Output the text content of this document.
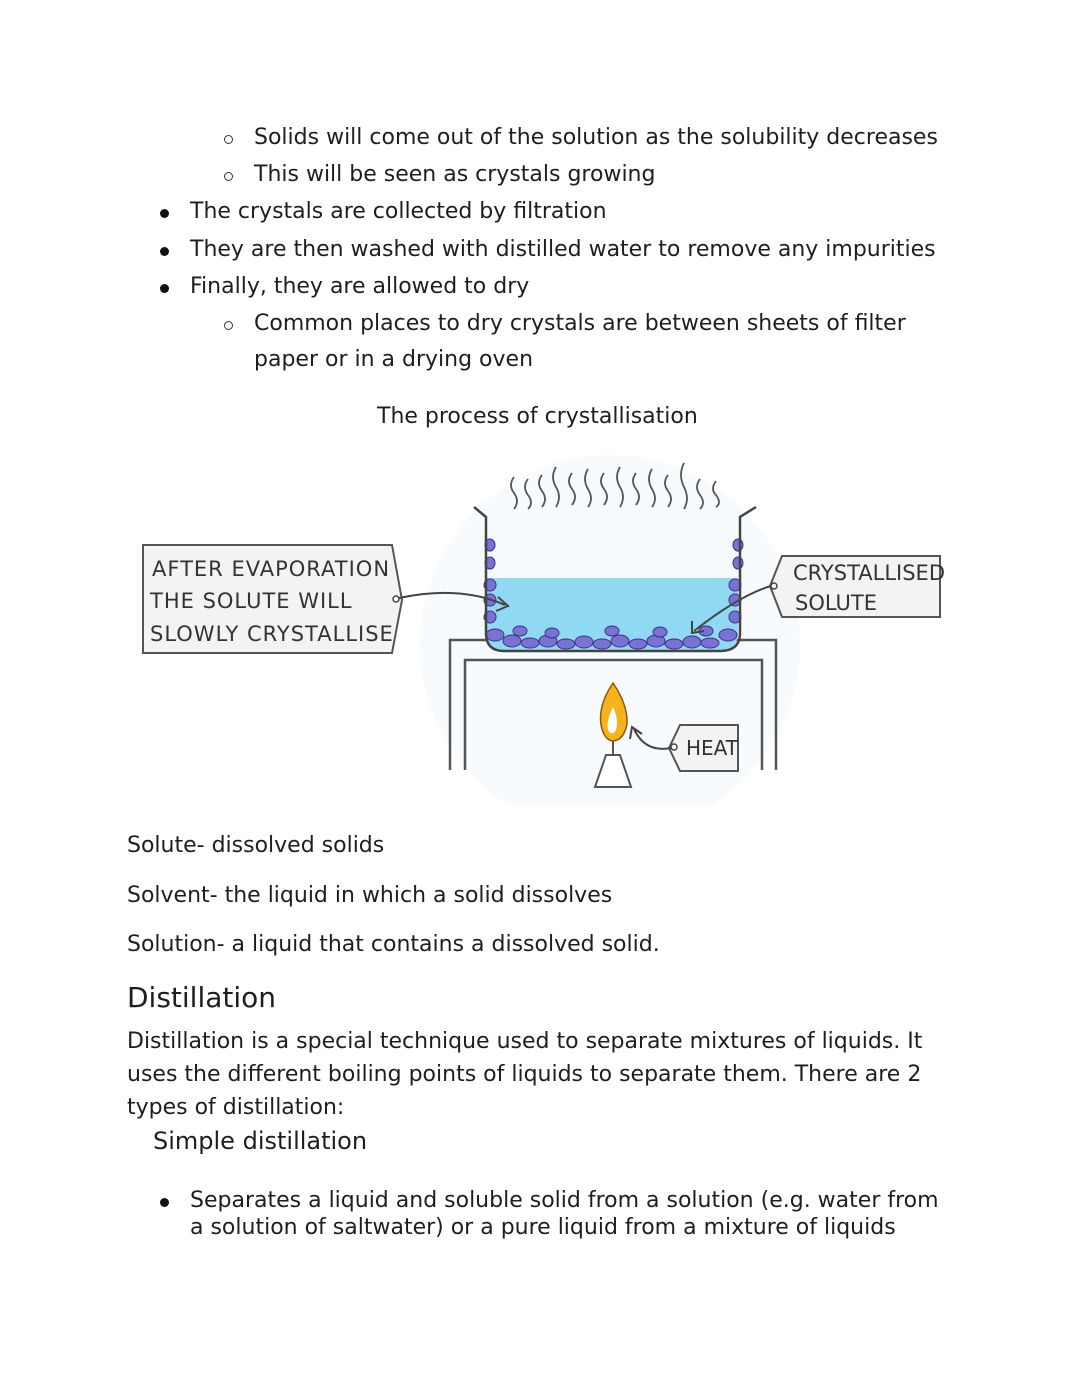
Solids will come out of the solution as the solubility decreases
This will be seen as crystals growing
The crystals are collected by filtration
They are then washed with distilled water to remove any impurities
Finally, they are allowed to dry
Common places to dry crystals are between sheets of filter
paper or in a drying oven
The process of crystallisation
AFTER EVAPORATION
THE SOLUTE WILL
SLOWLY CRYSTALLISE
CRYSTALLISED
SOLUTE
HEAT
Solute- dissolved solids
Solvent- the liquid in which a solid dissolves
Solution- a liquid that contains a dissolved solid.
Distillation
Distillation is a special technique used to separate mixtures of liquids. It
uses the different boiling points of liquids to separate them. There are 2
types of distillation:
Simple distillation
Separates a liquid and soluble solid from a solution (e.g. water from
a solution of saltwater) or a pure liquid from a mixture of liquids
